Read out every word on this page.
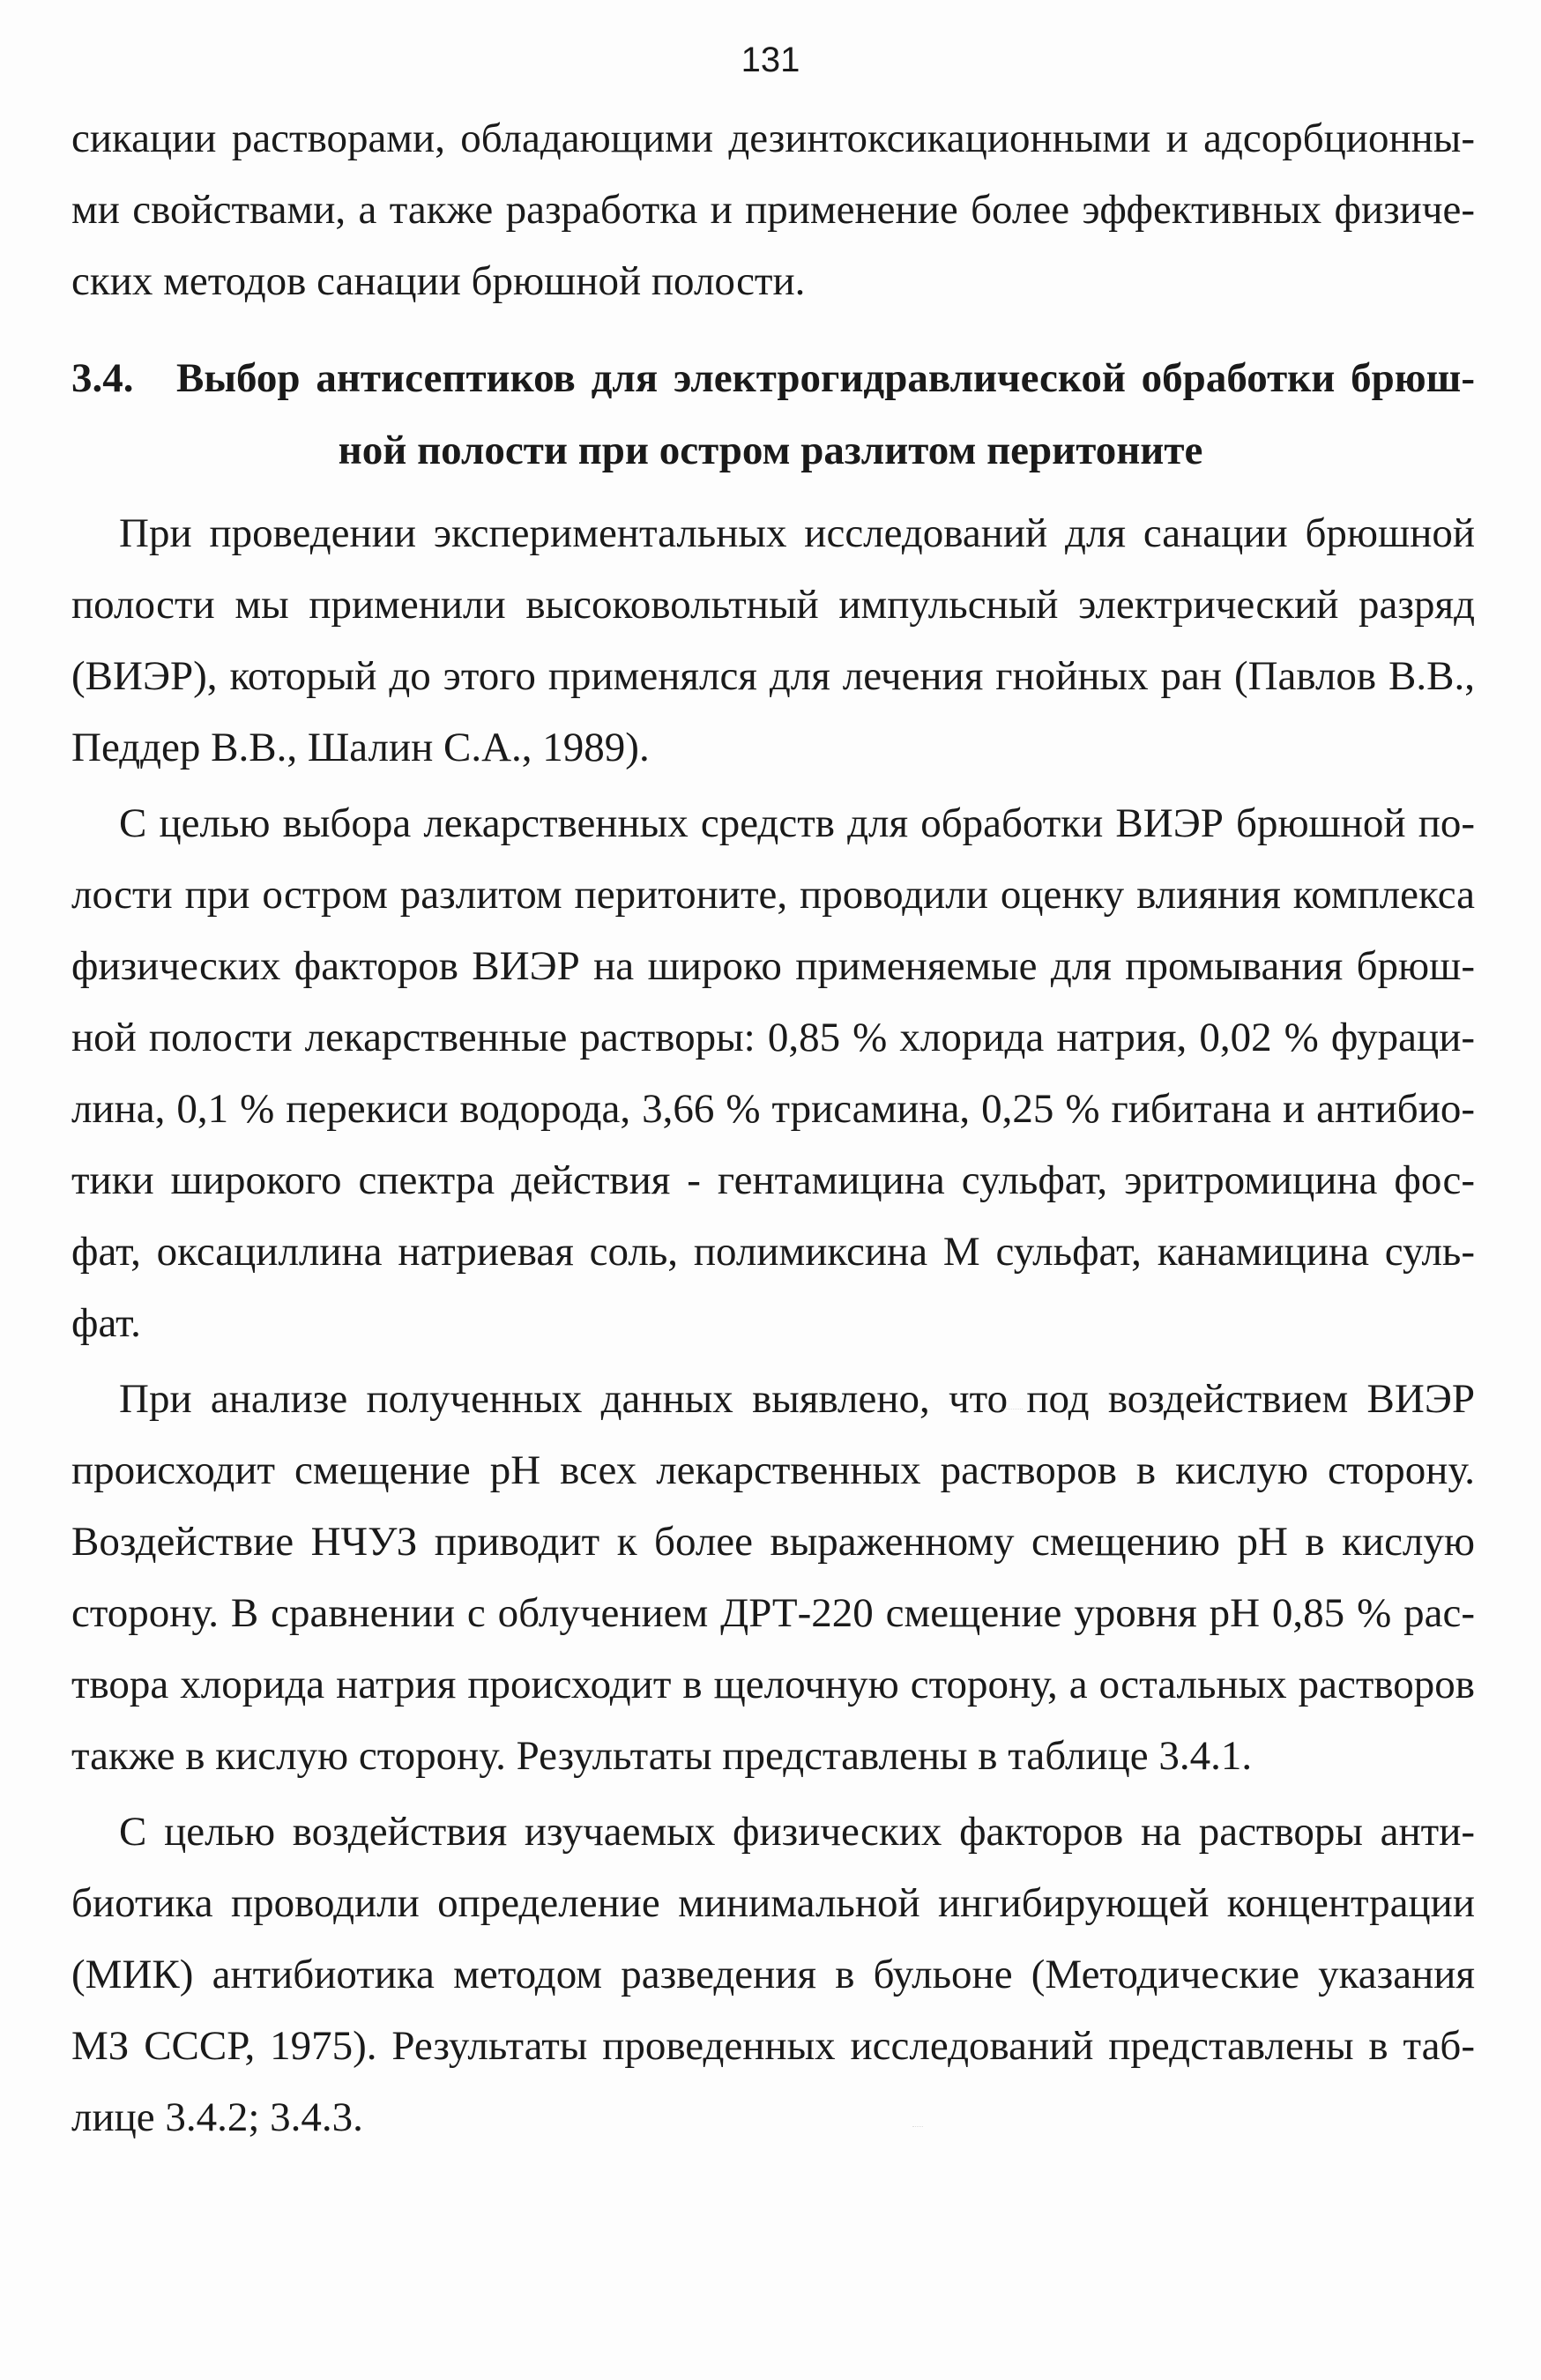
131
сикации растворами, обладающими дезинтоксикационными и адсорбционны-
ми свойствами, а также разработка и применение более эффективных физиче-
ских методов санации брюшной полости.
3.4. Выбор антисептиков для электрогидравлической обработки брюш-
ной полости при остром разлитом перитоните
При проведении экспериментальных исследований для санации брюшной
полости мы применили высоковольтный импульсный электрический разряд
(ВИЭР), который до этого применялся для лечения гнойных ран (Павлов В.В.,
Педдер В.В., Шалин С.А., 1989).
С целью выбора лекарственных средств для обработки ВИЭР брюшной по-
лости при остром разлитом перитоните, проводили оценку влияния комплекса
физических факторов ВИЭР на широко применяемые для промывания брюш-
ной полости лекарственные растворы: 0,85 % хлорида натрия, 0,02 % фураци-
лина, 0,1 % перекиси водорода, 3,66 % трисамина, 0,25 % гибитана и антибио-
тики широкого спектра действия - гентамицина сульфат, эритромицина фос-
фат, оксациллина натриевая соль, полимиксина М сульфат, канамицина суль-
фат.
При анализе полученных данных выявлено, что под воздействием ВИЭР
происходит смещение рН всех лекарственных растворов в кислую сторону.
Воздействие НЧУЗ приводит к более выраженному смещению рН в кислую
сторону. В сравнении с облучением ДРТ-220 смещение уровня рН 0,85 % рас-
твора хлорида натрия происходит в щелочную сторону, а остальных растворов
также в кислую сторону. Результаты представлены в таблице 3.4.1.
С целью воздействия изучаемых физических факторов на растворы анти-
биотика проводили определение минимальной ингибирующей концентрации
(МИК) антибиотика методом разведения в бульоне (Методические указания
МЗ СССР, 1975). Результаты проведенных исследований представлены в таб-
лице 3.4.2; 3.4.3.
